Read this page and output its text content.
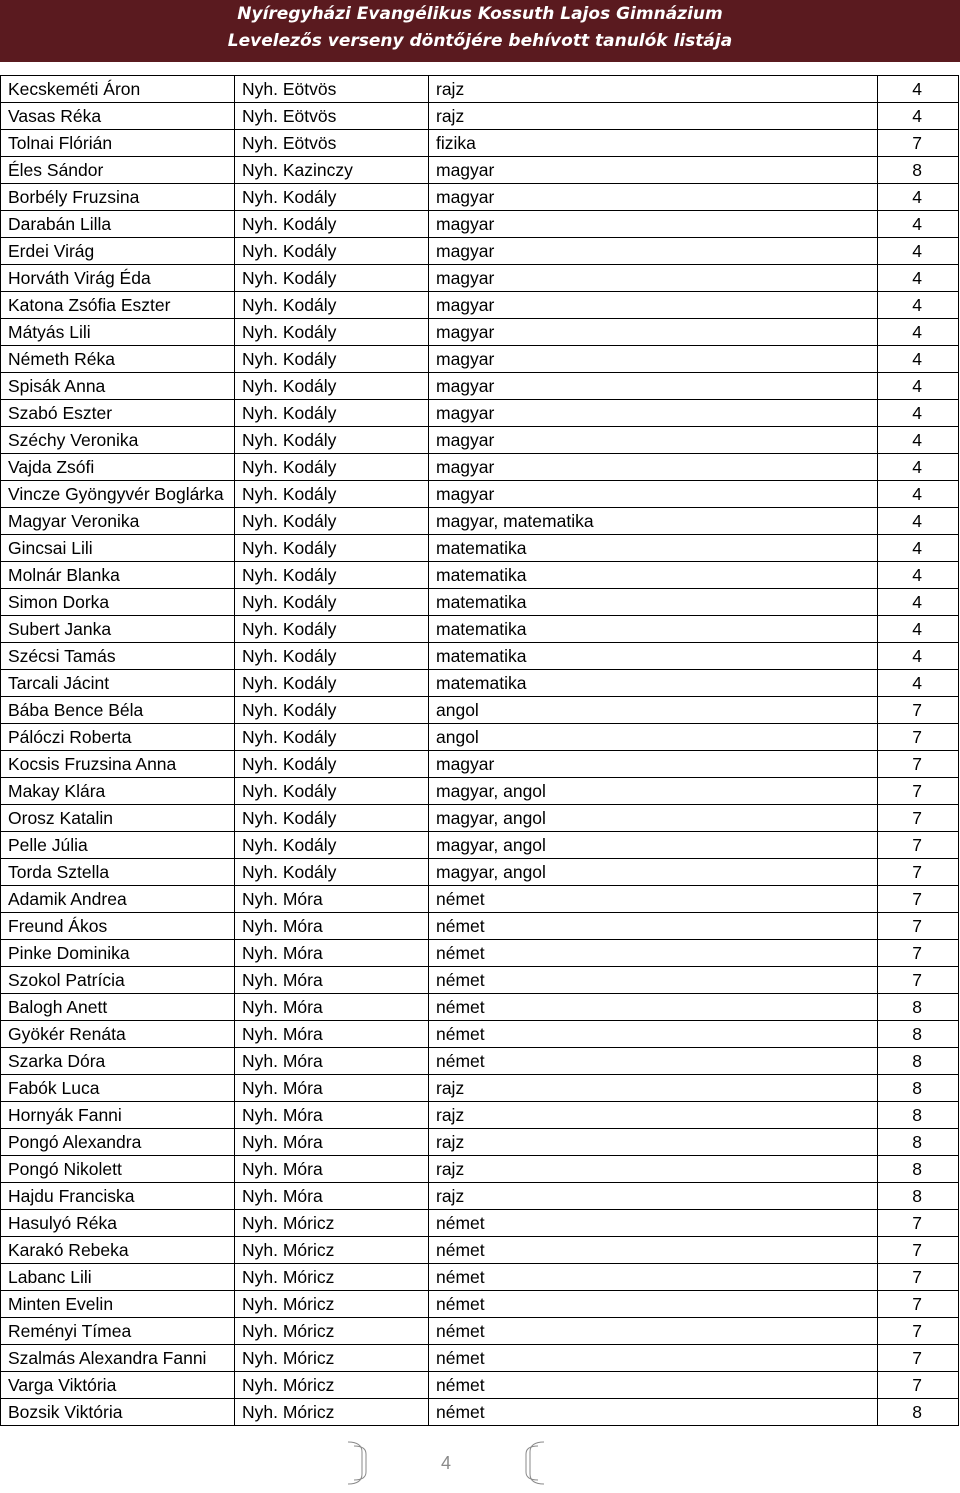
Nyíregyházi Evangélikus Kossuth Lajos Gimnázium
Levelezős verseny döntőjére behívott tanulók listája
Kecskeméti Áron	Nyh. Eötvös	rajz	4
Vasas Réka	Nyh. Eötvös	rajz	4
Tolnai Flórián	Nyh. Eötvös	fizika	7
Éles Sándor	Nyh. Kazinczy	magyar	8
Borbély Fruzsina	Nyh. Kodály	magyar	4
Darabán Lilla	Nyh. Kodály	magyar	4
Erdei Virág	Nyh. Kodály	magyar	4
Horváth Virág Éda	Nyh. Kodály	magyar	4
Katona Zsófia Eszter	Nyh. Kodály	magyar	4
Mátyás Lili	Nyh. Kodály	magyar	4
Németh Réka	Nyh. Kodály	magyar	4
Spisák Anna	Nyh. Kodály	magyar	4
Szabó Eszter	Nyh. Kodály	magyar	4
Széchy Veronika	Nyh. Kodály	magyar	4
Vajda Zsófi	Nyh. Kodály	magyar	4
Vincze Gyöngyvér Boglárka	Nyh. Kodály	magyar	4
Magyar Veronika	Nyh. Kodály	magyar, matematika	4
Gincsai Lili	Nyh. Kodály	matematika	4
Molnár Blanka	Nyh. Kodály	matematika	4
Simon Dorka	Nyh. Kodály	matematika	4
Subert Janka	Nyh. Kodály	matematika	4
Szécsi Tamás	Nyh. Kodály	matematika	4
Tarcali Jácint	Nyh. Kodály	matematika	4
Bába Bence Béla	Nyh. Kodály	angol	7
Pálóczi Roberta	Nyh. Kodály	angol	7
Kocsis Fruzsina Anna	Nyh. Kodály	magyar	7
Makay Klára	Nyh. Kodály	magyar, angol	7
Orosz Katalin	Nyh. Kodály	magyar, angol	7
Pelle Júlia	Nyh. Kodály	magyar, angol	7
Torda Sztella	Nyh. Kodály	magyar, angol	7
Adamik Andrea	Nyh. Móra	német	7
Freund Ákos	Nyh. Móra	német	7
Pinke Dominika	Nyh. Móra	német	7
Szokol Patrícia	Nyh. Móra	német	7
Balogh Anett	Nyh. Móra	német	8
Gyökér Renáta	Nyh. Móra	német	8
Szarka Dóra	Nyh. Móra	német	8
Fabók Luca	Nyh. Móra	rajz	8
Hornyák Fanni	Nyh. Móra	rajz	8
Pongó Alexandra	Nyh. Móra	rajz	8
Pongó Nikolett	Nyh. Móra	rajz	8
Hajdu Franciska	Nyh. Móra	rajz	8
Hasulyó Réka	Nyh. Móricz	német	7
Karakó Rebeka	Nyh. Móricz	német	7
Labanc Lili	Nyh. Móricz	német	7
Minten Evelin	Nyh. Móricz	német	7
Reményi Tímea	Nyh. Móricz	német	7
Szalmás Alexandra Fanni	Nyh. Móricz	német	7
Varga Viktória	Nyh. Móricz	német	7
Bozsik Viktória	Nyh. Móricz	német	8
4
